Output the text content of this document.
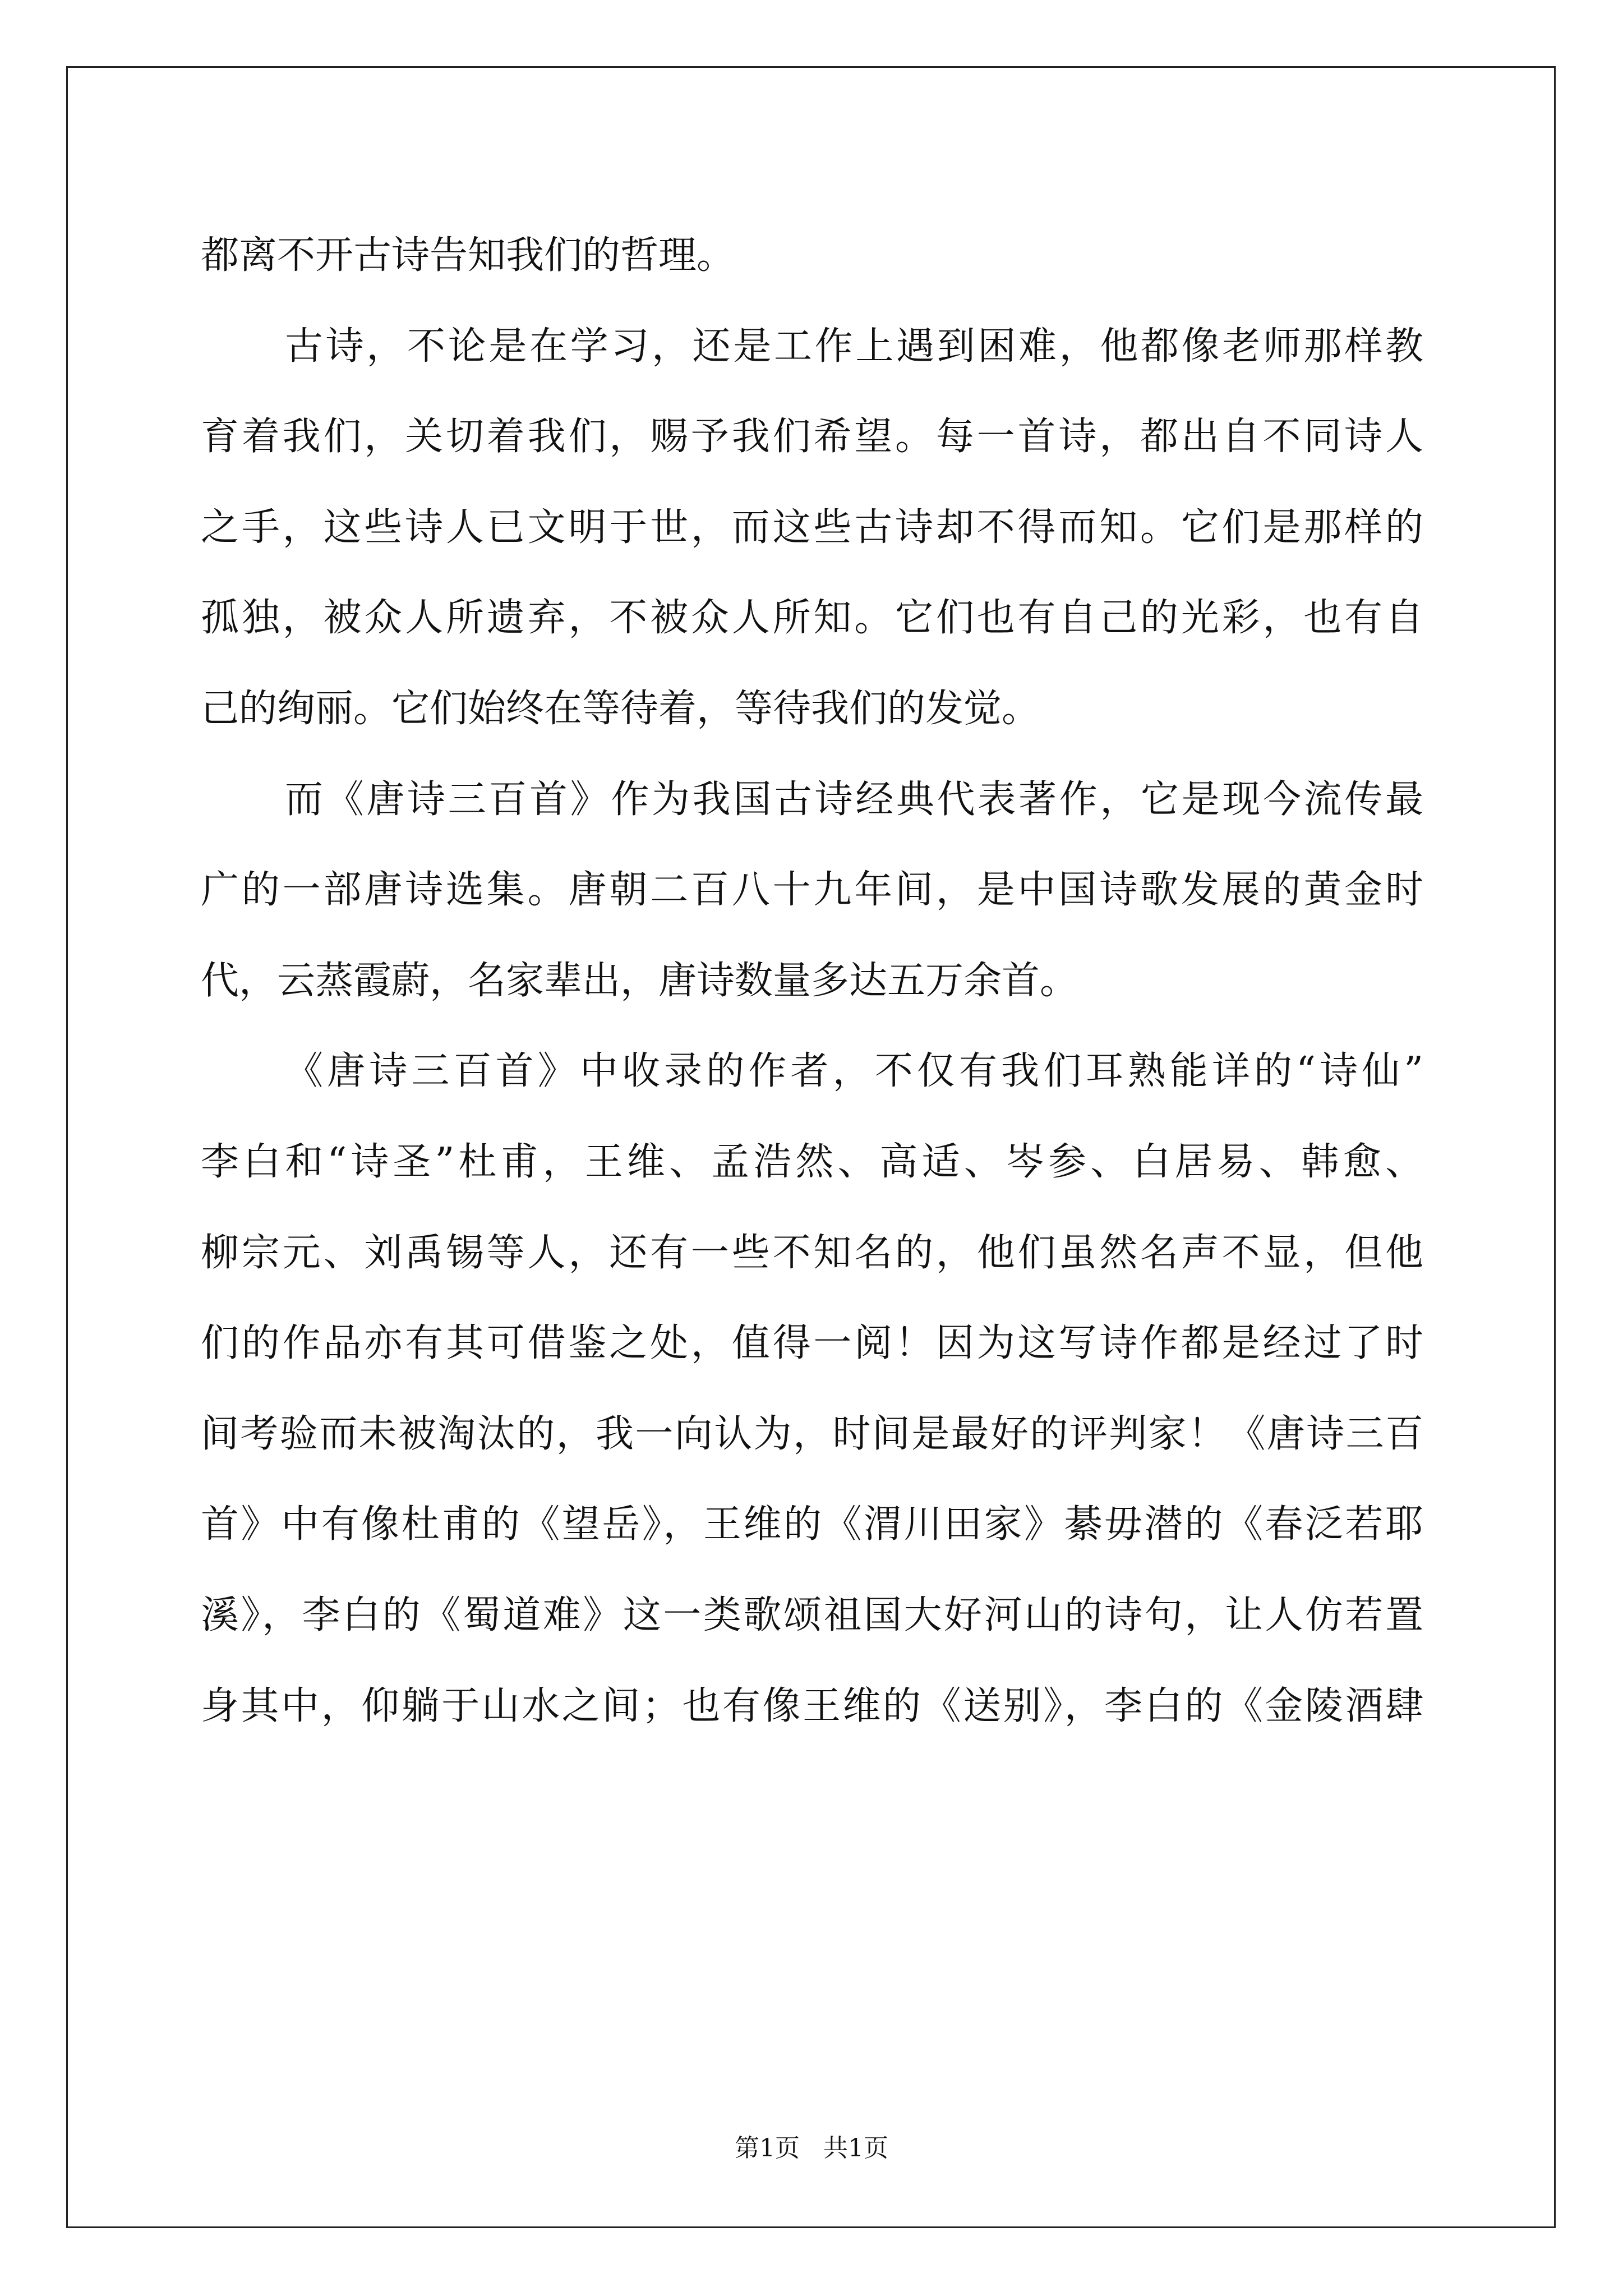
都离不开古诗告知我们的哲理。
古诗，不论是在学习，还是工作上遇到困难，他都像老师那样教
育着我们，关切着我们，赐予我们希望。每一首诗，都出自不同诗人
之手，这些诗人已文明于世，而这些古诗却不得而知。它们是那样的
孤独，被众人所遗弃，不被众人所知。它们也有自己的光彩，也有自
己的绚丽。它们始终在等待着，等待我们的发觉。
而《唐诗三百首》作为我国古诗经典代表著作，它是现今流传最
广的一部唐诗选集。唐朝二百八十九年间，是中国诗歌发展的黄金时
代，云蒸霞蔚，名家辈出，唐诗数量多达五万余首。
《唐诗三百首》中收录的作者，不仅有我们耳熟能详的“诗仙”
李白和“诗圣”杜甫，王维、孟浩然、高适、岑参、白居易、韩愈、
柳宗元、刘禹锡等人，还有一些不知名的，他们虽然名声不显，但他
们的作品亦有其可借鉴之处，值得一阅！因为这写诗作都是经过了时
间考验而未被淘汰的，我一向认为，时间是最好的评判家！《唐诗三百
首》中有像杜甫的《望岳》，王维的《渭川田家》綦毋潜的《春泛若耶
溪》，李白的《蜀道难》这一类歌颂祖国大好河山的诗句，让人仿若置
身其中，仰躺于山水之间；也有像王维的《送别》，李白的《金陵酒肆
第1页   共1页
